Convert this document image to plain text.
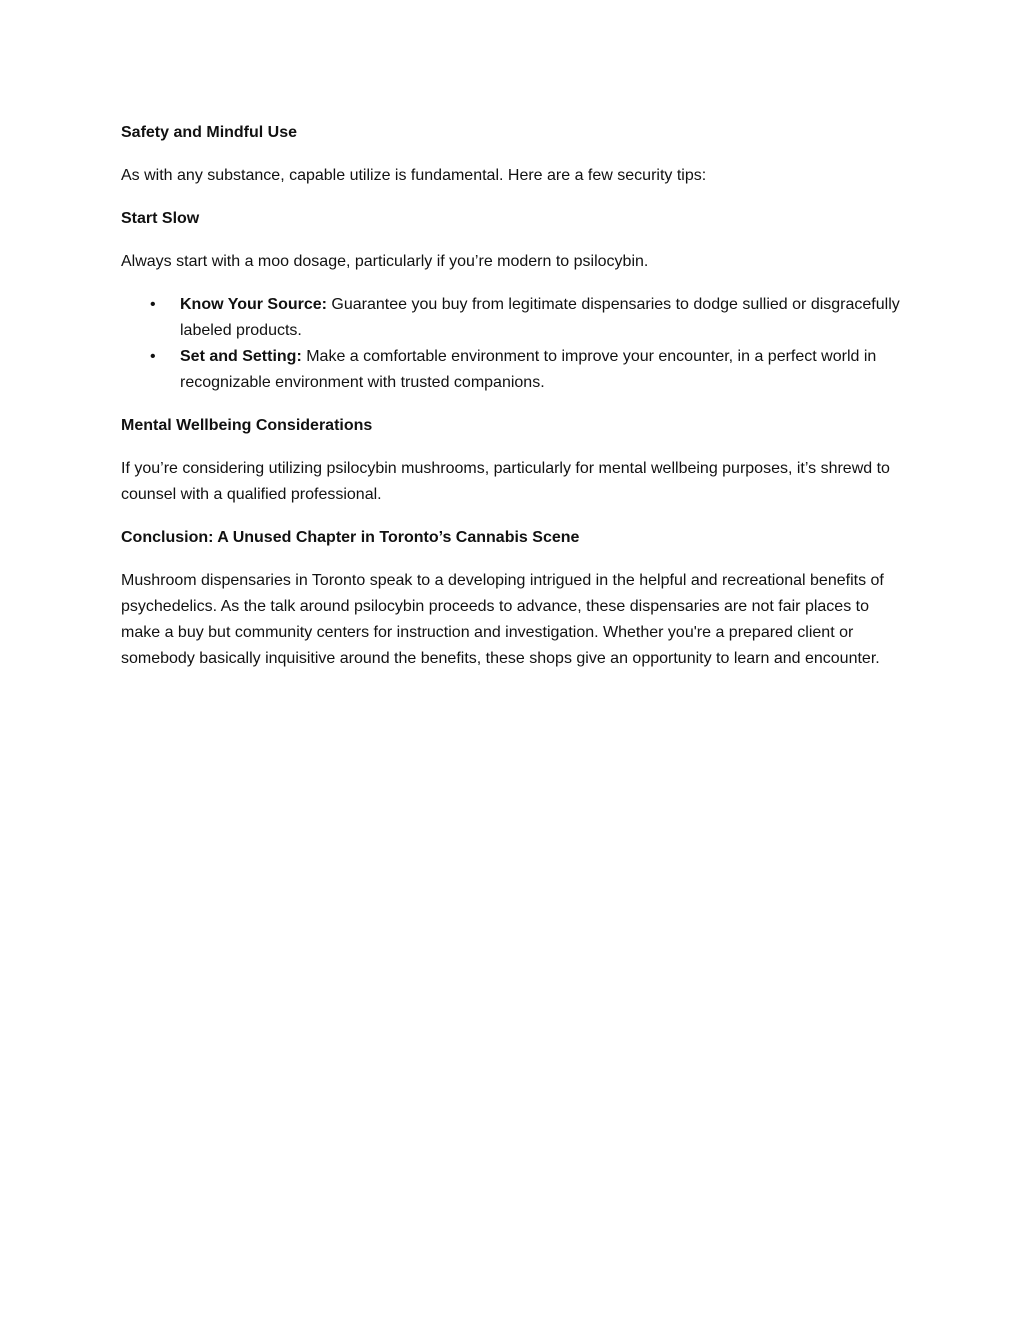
Safety and Mindful Use
As with any substance, capable utilize is fundamental. Here are a few security tips:
Start Slow
Always start with a moo dosage, particularly if you’re modern to psilocybin.
• Know Your Source: Guarantee you buy from legitimate dispensaries to dodge sullied or disgracefully labeled products.
• Set and Setting: Make a comfortable environment to improve your encounter, in a perfect world in recognizable environment with trusted companions.
Mental Wellbeing Considerations
If you’re considering utilizing psilocybin mushrooms, particularly for mental wellbeing purposes, it’s shrewd to counsel with a qualified professional.
Conclusion: A Unused Chapter in Toronto’s Cannabis Scene
Mushroom dispensaries in Toronto speak to a developing intrigued in the helpful and recreational benefits of psychedelics. As the talk around psilocybin proceeds to advance, these dispensaries are not fair places to make a buy but community centers for instruction and investigation. Whether you're a prepared client or somebody basically inquisitive around the benefits, these shops give an opportunity to learn and encounter.
